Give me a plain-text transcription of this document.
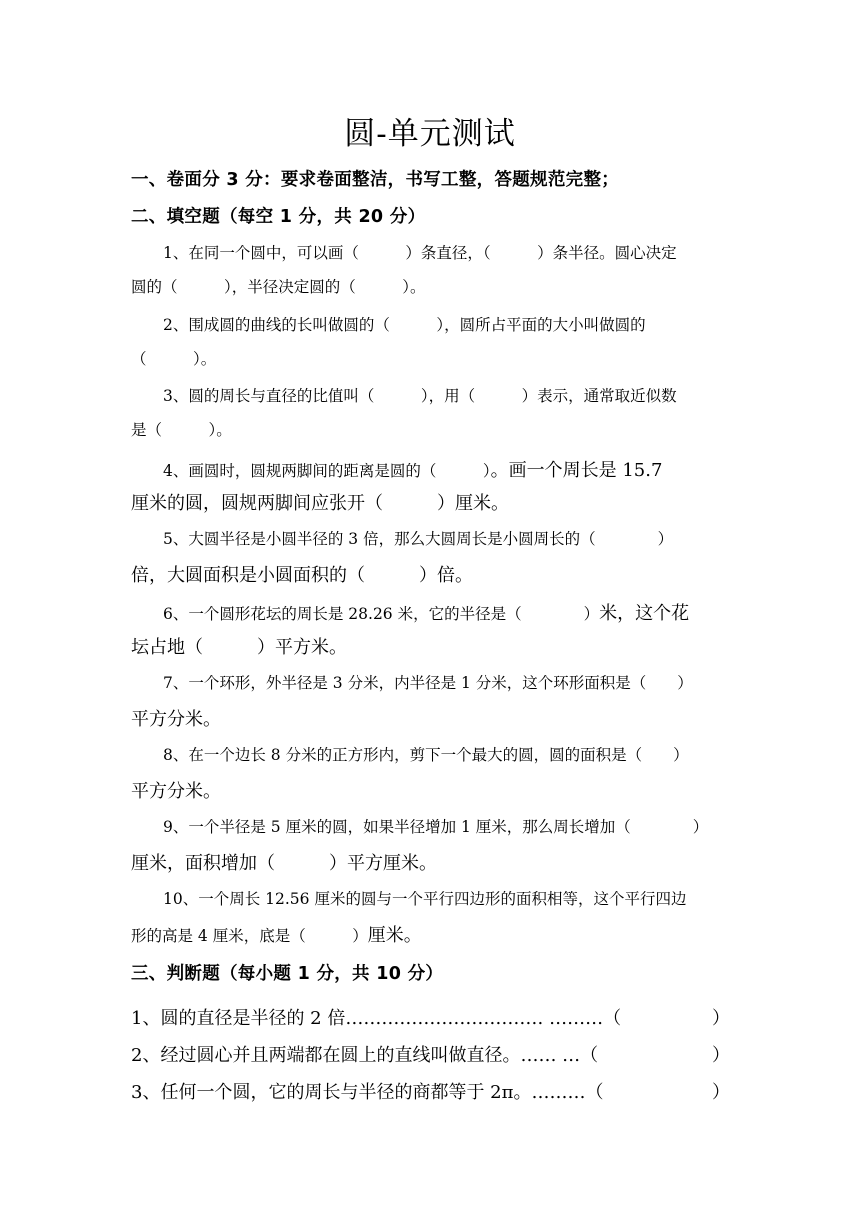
圆-单元测试
一、卷面分 3 分：要求卷面整洁，书写工整，答题规范完整；
二、填空题（每空 1 分，共 20 分）
1、在同一个圆中，可以画（　　　）条直径，（　　　）条半径。圆心决定
圆的（　　　），半径决定圆的（　　　）。
2、围成圆的曲线的长叫做圆的（　　　），圆所占平面的大小叫做圆的
（　　　）。
3、圆的周长与直径的比值叫（　　　），用（　　　）表示，通常取近似数
是（　　　）。
4、画圆时，圆规两脚间的距离是圆的（　　　）。画一个周长是 15.7
厘米的圆，圆规两脚间应张开（　　　）厘米。
5、大圆半径是小圆半径的 3 倍，那么大圆周长是小圆周长的（　　　　）
倍，大圆面积是小圆面积的（　　　）倍。
6、一个圆形花坛的周长是 28.26 米，它的半径是（　　　　）米，这个花
坛占地（　　　）平方米。
7、一个环形，外半径是 3 分米，内半径是 1 分米，这个环形面积是（　　）
平方分米。
8、在一个边长 8 分米的正方形内，剪下一个最大的圆，圆的面积是（　　）
平方分米。
9、一个半径是 5 厘米的圆，如果半径增加 1 厘米，那么周长增加（　　　　）
厘米，面积增加（　　　）平方厘米。
10、一个周长 12.56 厘米的圆与一个平行四边形的面积相等，这个平行四边
形的高是 4 厘米，底是（　　　）厘米。
三、判断题（每小题 1 分，共 10 分）
1、圆的直径是半径的 2 倍…………………………… ………（	）
2、经过圆心并且两端都在圆上的直线叫做直径。…… …（	）
3、任何一个圆，它的周长与半径的商都等于 2π。………（	）
